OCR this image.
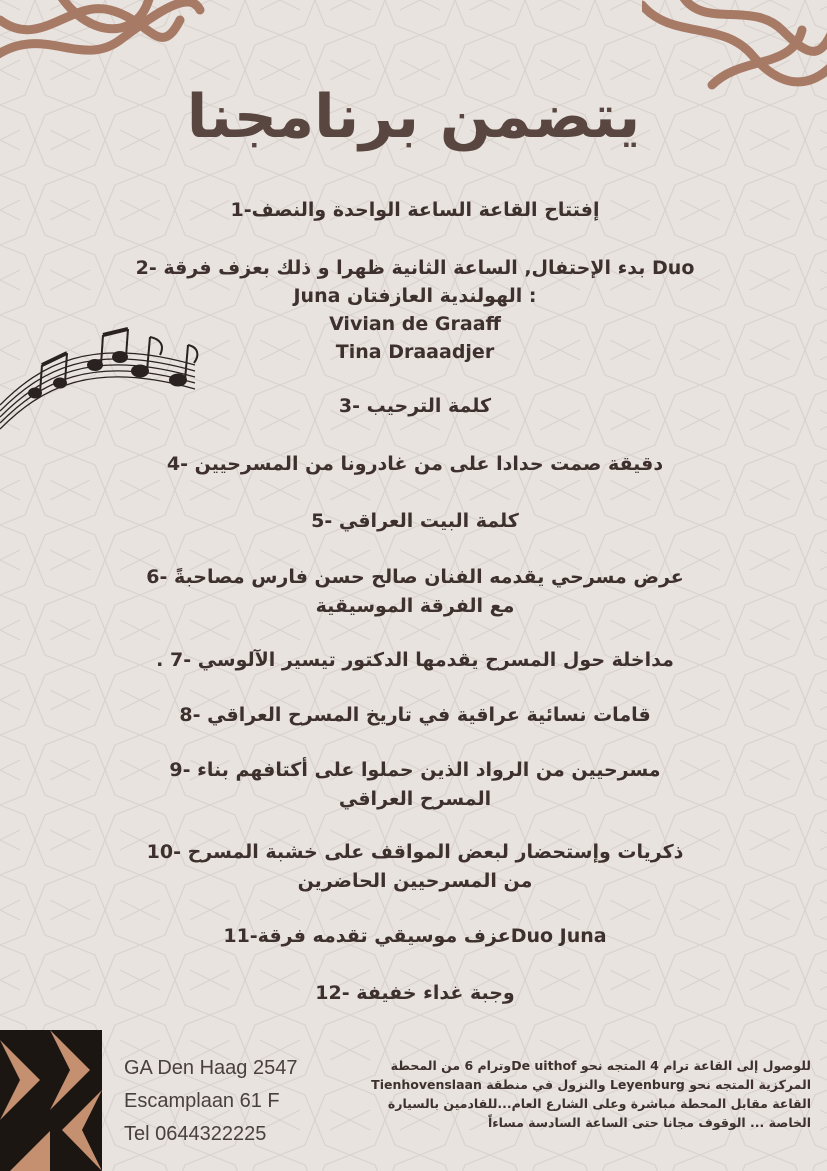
يتضمن برنامجنا
إفتتاح القاعة الساعة الواحدة والنصف-1
Duo بدء الإحتفال, الساعة الثانية ظهرا و ذلك بعزف فرقة -2
: الهولندية العازفتان Juna
Vivian de Graaff
Tina Draaadjer
كلمة الترحيب -3
دقيقة صمت حدادا على من غادرونا من المسرحيين -4
كلمة البيت العراقي -5
عرض مسرحي يقدمه الفنان صالح حسن فارس مصاحبةً -6
مع الفرقة الموسيقية
مداخلة حول المسرح يقدمها الدكتور تيسير الآلوسي -7 .
قامات نسائية عراقية في تاريخ المسرح العراقي -8
مسرحيين من الرواد الذين حملوا على أكتافهم بناء -9
المسرح العراقي
ذكريات وإستحضار لبعض المواقف على خشبة المسرح -10
من المسرحيين الحاضرين
Duo Junaعزف موسيقي تقدمه فرقة-11
وجبة غداء خفيفة -12
GA Den Haag 2547
Escamplaan 61 F
Tel 0644322225
للوصول إلى القاعة ترام 4 المتجه نحو De uithofوترام 6 من المحطة
المركزية المتجه نحو Leyenburg والنزول في منطقة Tienhovenslaan
القاعة مقابل المحطة مباشرة وعلى الشارع العام...للقادمين بالسيارة
الخاصة ... الوقوف مجانا حتى الساعة السادسة مساءاً
